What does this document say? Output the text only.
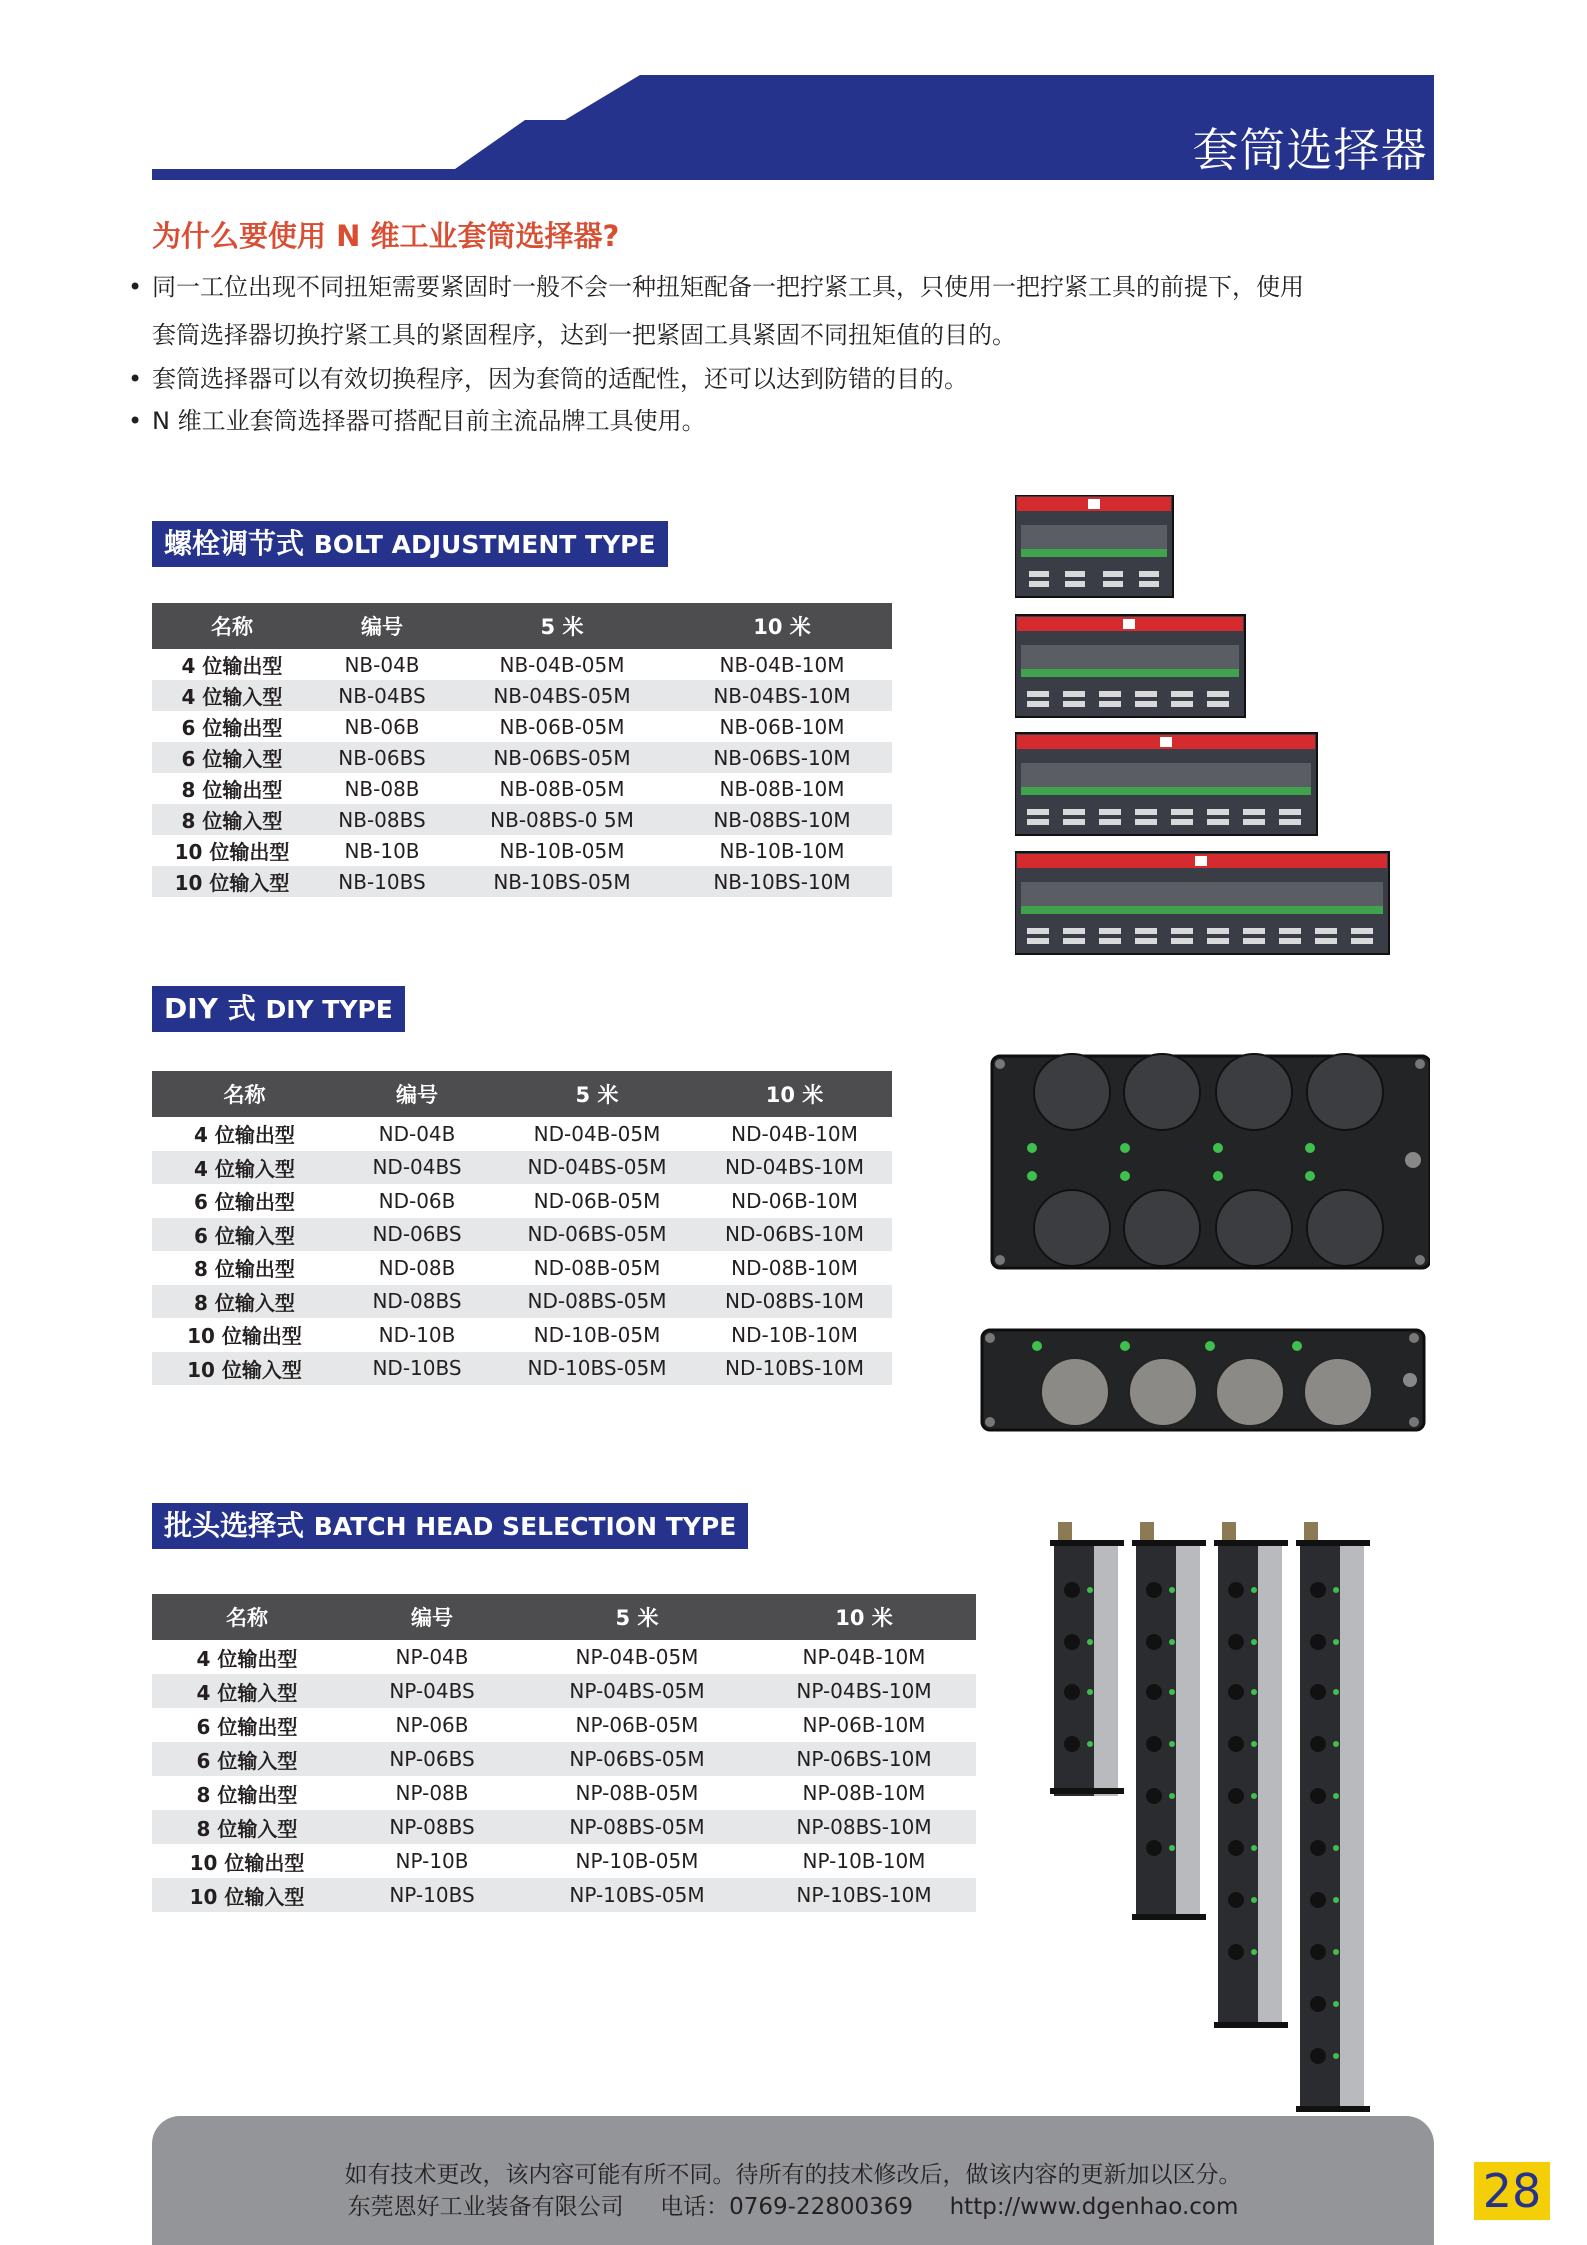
套筒选择器
为什么要使用 N 维工业套筒选择器?
• 同一工位出现不同扭矩需要紧固时一般不会一种扭矩配备一把拧紧工具，只使用一把拧紧工具的前提下，使用
套筒选择器切换拧紧工具的紧固程序，达到一把紧固工具紧固不同扭矩值的目的。
• 套筒选择器可以有效切换程序，因为套筒的适配性，还可以达到防错的目的。
• N 维工业套筒选择器可搭配目前主流品牌工具使用。
螺栓调节式 BOLT ADJUSTMENT TYPE
名称	编号	5 米	10 米
4 位输出型	NB-04B	NB-04B-05M	NB-04B-10M
4 位输入型	NB-04BS	NB-04BS-05M	NB-04BS-10M
6 位输出型	NB-06B	NB-06B-05M	NB-06B-10M
6 位输入型	NB-06BS	NB-06BS-05M	NB-06BS-10M
8 位输出型	NB-08B	NB-08B-05M	NB-08B-10M
8 位输入型	NB-08BS	NB-08BS-0 5M	NB-08BS-10M
10 位输出型	NB-10B	NB-10B-05M	NB-10B-10M
10 位输入型	NB-10BS	NB-10BS-05M	NB-10BS-10M
DIY 式 DIY TYPE
名称	编号	5 米	10 米
4 位输出型	ND-04B	ND-04B-05M	ND-04B-10M
4 位输入型	ND-04BS	ND-04BS-05M	ND-04BS-10M
6 位输出型	ND-06B	ND-06B-05M	ND-06B-10M
6 位输入型	ND-06BS	ND-06BS-05M	ND-06BS-10M
8 位输出型	ND-08B	ND-08B-05M	ND-08B-10M
8 位输入型	ND-08BS	ND-08BS-05M	ND-08BS-10M
10 位输出型	ND-10B	ND-10B-05M	ND-10B-10M
10 位输入型	ND-10BS	ND-10BS-05M	ND-10BS-10M
批头选择式 BATCH HEAD SELECTION TYPE
名称	编号	5 米	10 米
4 位输出型	NP-04B	NP-04B-05M	NP-04B-10M
4 位输入型	NP-04BS	NP-04BS-05M	NP-04BS-10M
6 位输出型	NP-06B	NP-06B-05M	NP-06B-10M
6 位输入型	NP-06BS	NP-06BS-05M	NP-06BS-10M
8 位输出型	NP-08B	NP-08B-05M	NP-08B-10M
8 位输入型	NP-08BS	NP-08BS-05M	NP-08BS-10M
10 位输出型	NP-10B	NP-10B-05M	NP-10B-10M
10 位输入型	NP-10BS	NP-10BS-05M	NP-10BS-10M
如有技术更改，该内容可能有所不同。待所有的技术修改后，做该内容的更新加以区分。
东莞恩好工业装备有限公司     电话：0769-22800369     http://www.dgenhao.com	28
